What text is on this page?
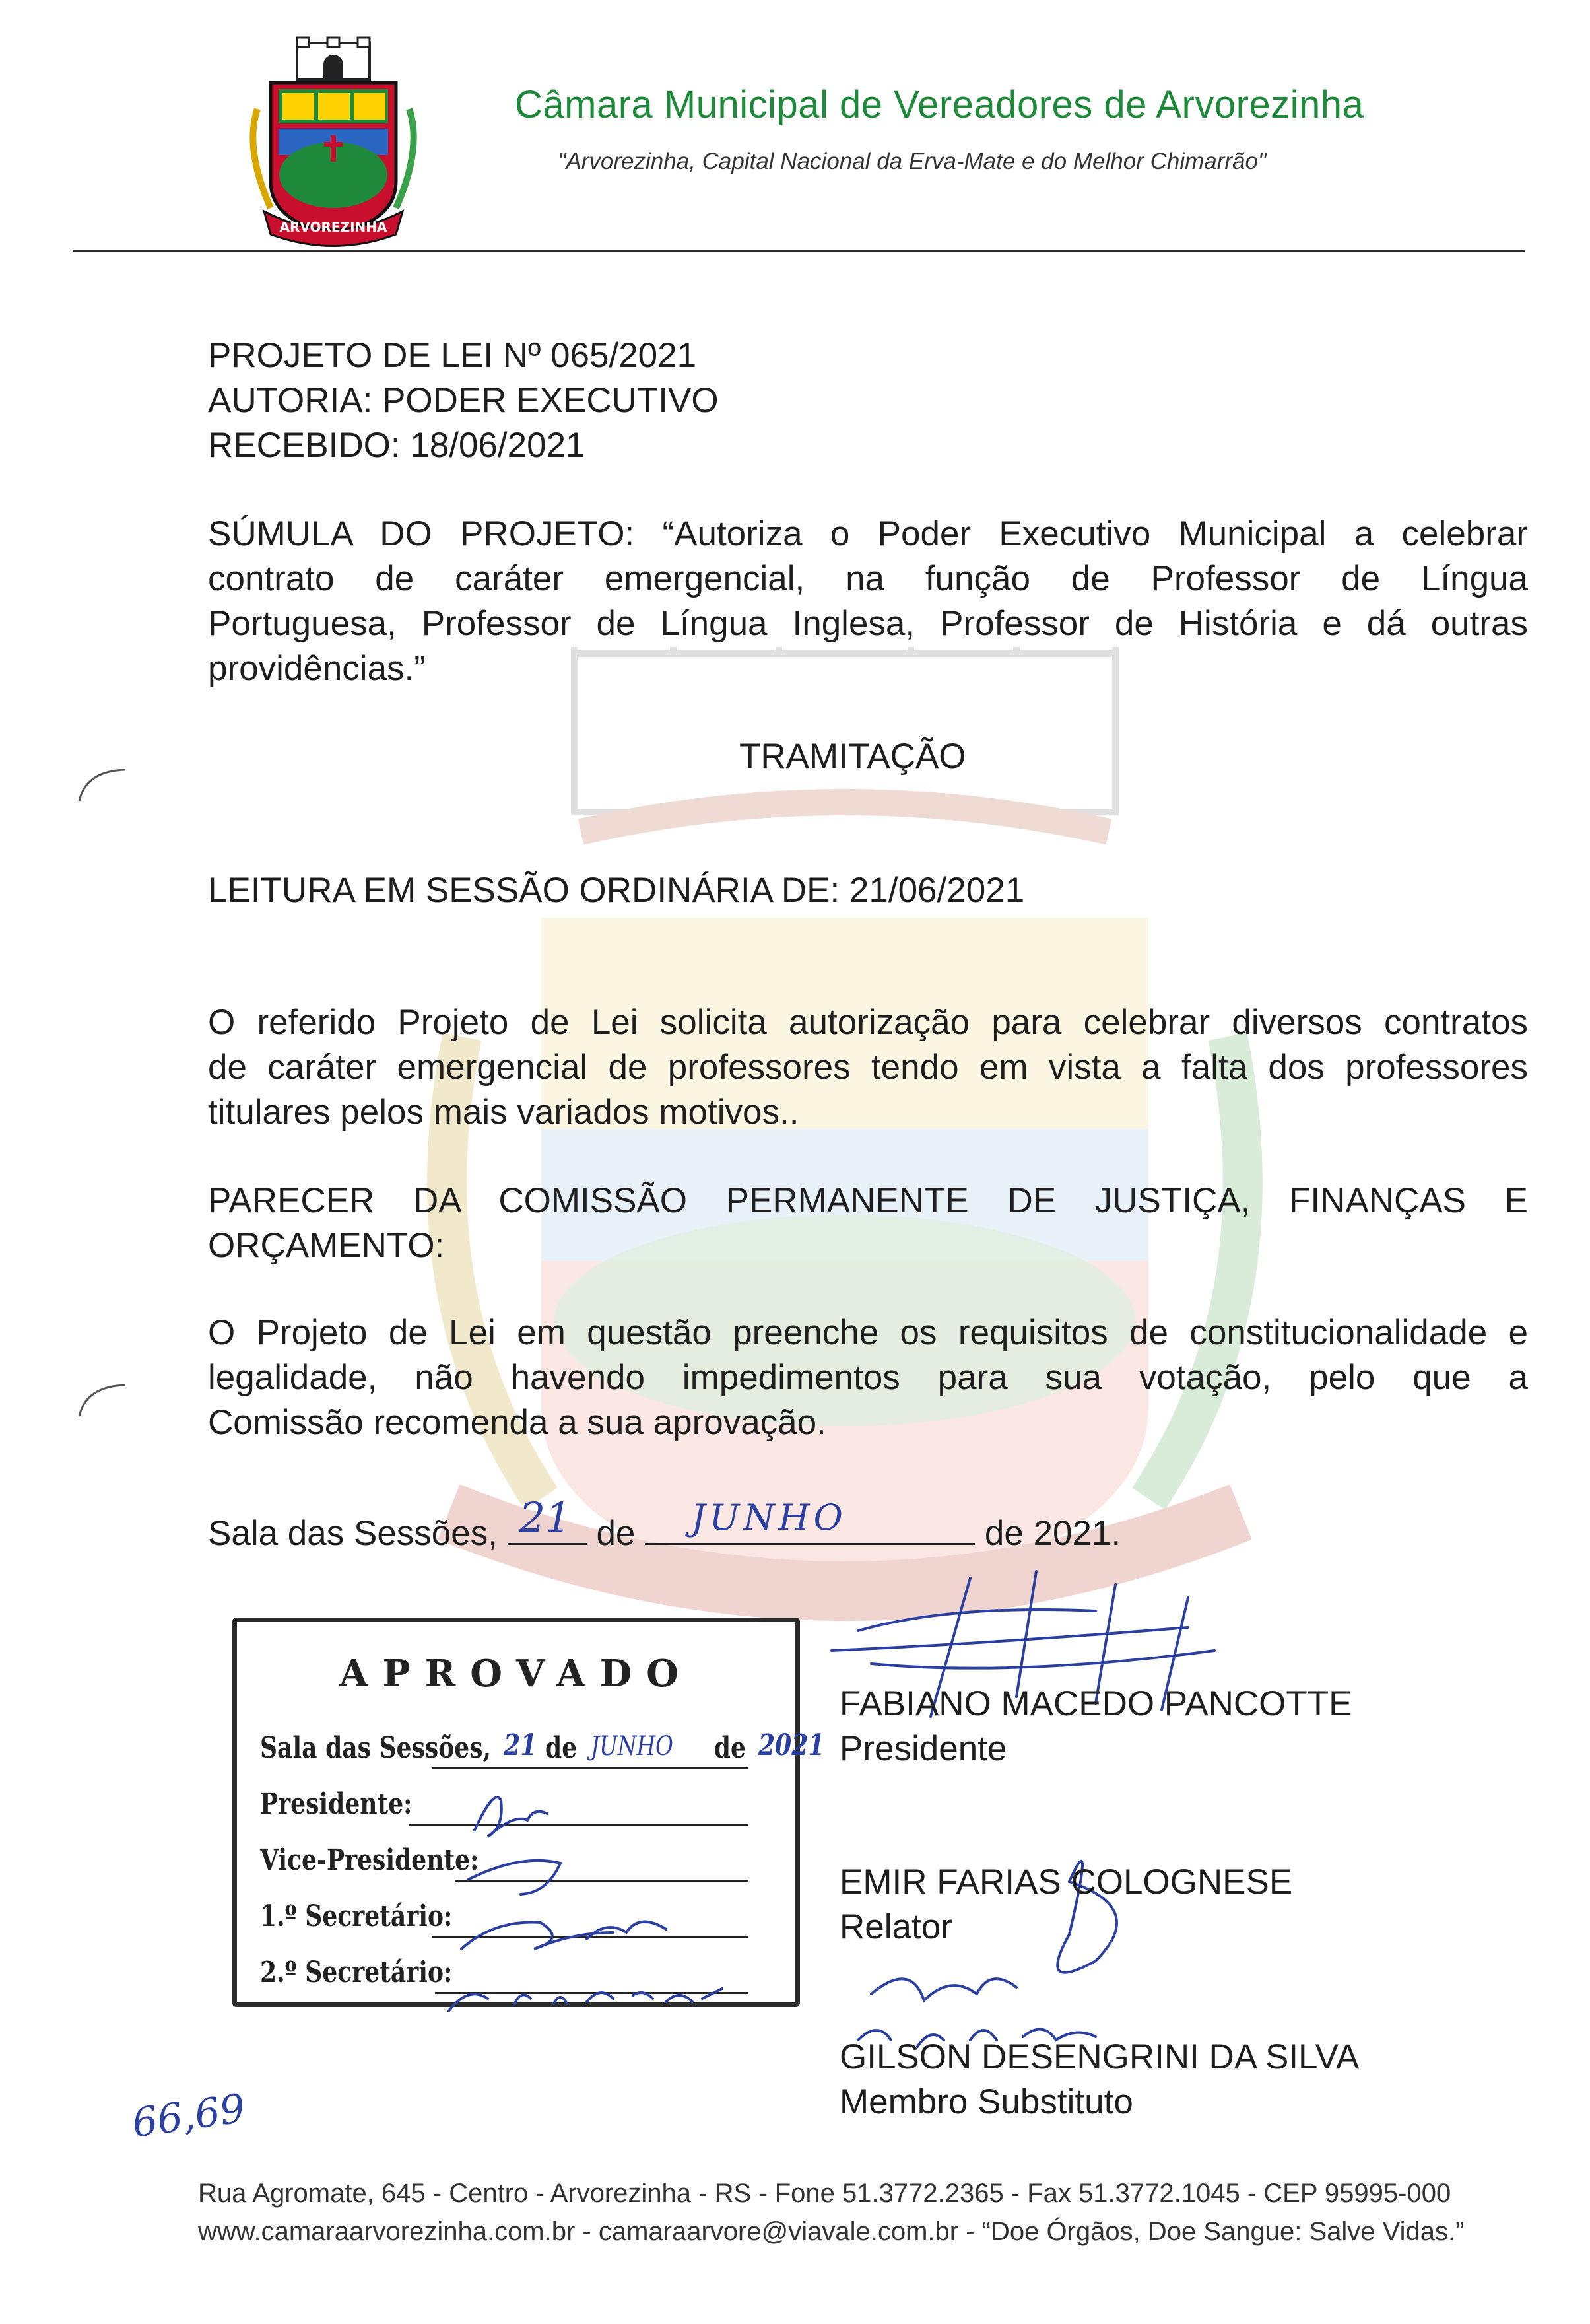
ARVOREZINHA
Câmara Municipal de Vereadores de Arvorezinha
"Arvorezinha, Capital Nacional da Erva-Mate e do Melhor Chimarrão"
PROJETO DE LEI Nº 065/2021
AUTORIA: PODER EXECUTIVO
RECEBIDO: 18/06/2021
SÚMULA DO PROJETO: “Autoriza o Poder Executivo Municipal a celebrar
contrato de caráter emergencial, na função de Professor de Língua
Portuguesa, Professor de Língua Inglesa, Professor de História e dá outras
providências.”
TRAMITAÇÃO
LEITURA EM SESSÃO ORDINÁRIA DE: 21/06/2021
O referido Projeto de Lei solicita autorização para celebrar diversos contratos
de caráter emergencial de professores tendo em vista a falta dos professores
titulares pelos mais variados motivos..
PARECER DA COMISSÃO PERMANENTE DE JUSTIÇA, FINANÇAS E
ORÇAMENTO:
O Projeto de Lei em questão preenche os requisitos de constitucionalidade e
legalidade, não havendo impedimentos para sua votação, pelo que a
Comissão recomenda a sua aprovação.
Sala das Sessões, 21 de JUNHO	de 2021.
APROVADO
Sala das Sessões, 21 de JUNHO de 2021
Presidente:
Vice-Presidente:
1.º Secretário:
2.º Secretário:
FABIANO MACEDO PANCOTTE
Presidente
EMIR FARIAS COLOGNESE
Relator
GILSON DESENGRINI DA SILVA
Membro Substituto
66,69
Rua Agromate, 645 - Centro - Arvorezinha - RS - Fone 51.3772.2365 - Fax 51.3772.1045 - CEP 95995-000
www.camaraarvorezinha.com.br - camaraarvore@viavale.com.br - “Doe Órgãos, Doe Sangue: Salve Vidas.”
